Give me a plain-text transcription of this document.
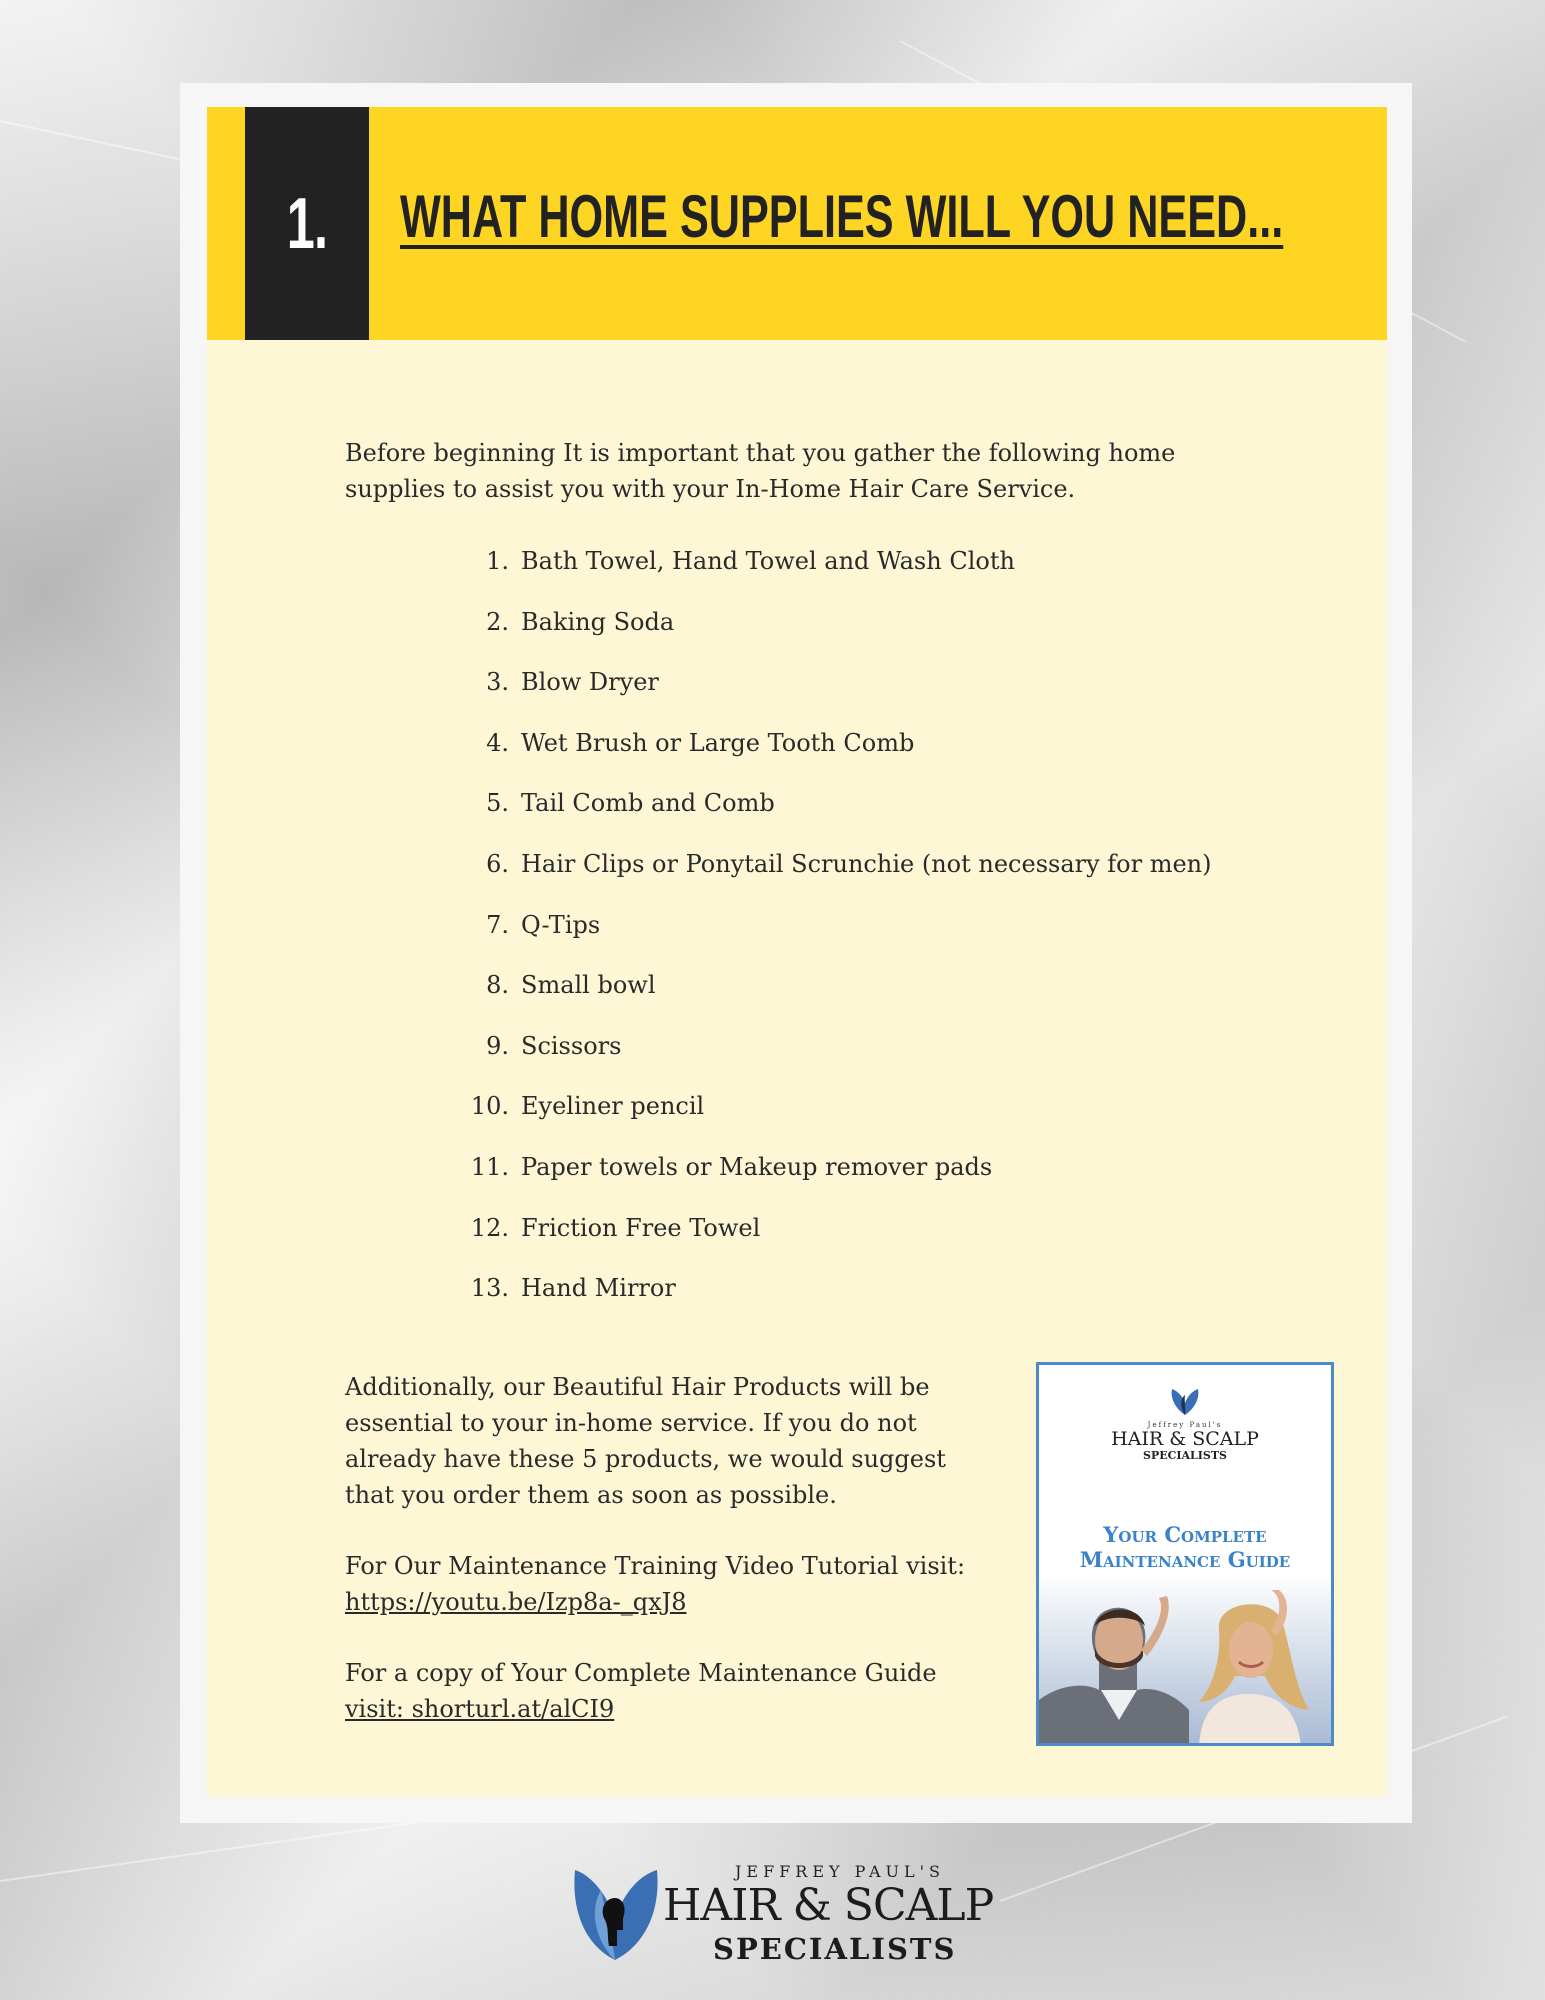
1. WHAT HOME SUPPLIES WILL YOU NEED...

Before beginning It is important that you gather the following home supplies to assist you with your In-Home Hair Care Service.

1. Bath Towel, Hand Towel and Wash Cloth
2. Baking Soda
3. Blow Dryer
4. Wet Brush or Large Tooth Comb
5. Tail Comb and Comb
6. Hair Clips or Ponytail Scrunchie (not necessary for men)
7. Q-Tips
8. Small bowl
9. Scissors
10. Eyeliner pencil
11. Paper towels or Makeup remover pads
12. Friction Free Towel
13. Hand Mirror

Additionally, our Beautiful Hair Products will be essential to your in-home service. If you do not already have these 5 products, we would suggest that you order them as soon as possible.

For Our Maintenance Training Video Tutorial visit:
https://youtu.be/Izp8a-_qxJ8

For a copy of Your Complete Maintenance Guide
visit: shorturl.at/alCI9

Jeffrey Paul's
HAIR & SCALP
SPECIALISTS
Your Complete
Maintenance Guide
JEFFREY PAUL'S
HAIR & SCALP
SPECIALISTS
